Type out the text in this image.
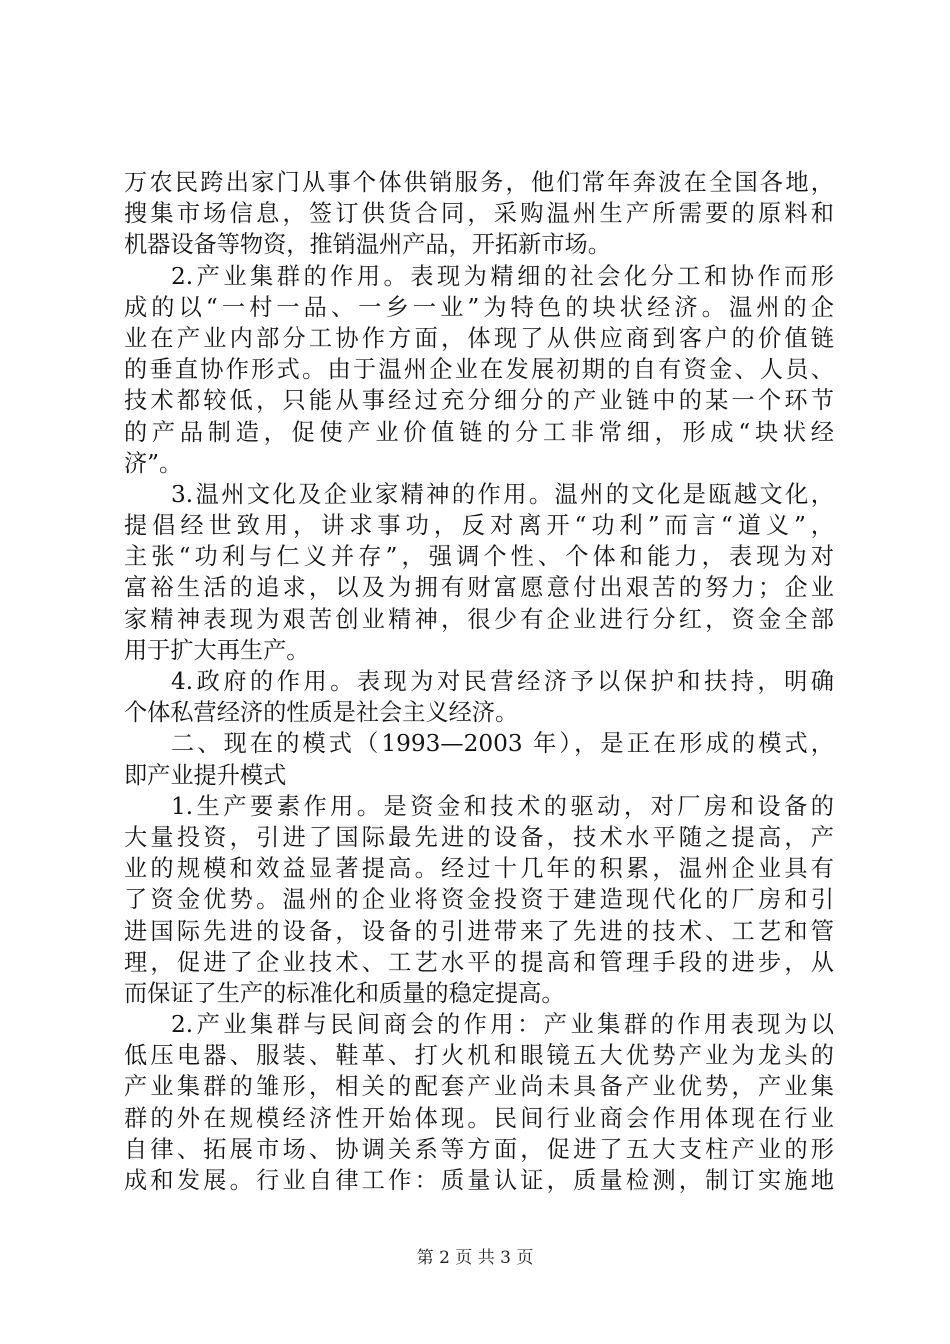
万农民跨出家门从事个体供销服务，他们常年奔波在全国各地，
搜集市场信息，签订供货合同，采购温州生产所需要的原料和
机器设备等物资，推销温州产品，开拓新市场。
2.产业集群的作用。表现为精细的社会化分工和协作而形
成的以“一村一品、一乡一业”为特色的块状经济。温州的企
业在产业内部分工协作方面，体现了从供应商到客户的价值链
的垂直协作形式。由于温州企业在发展初期的自有资金、人员、
技术都较低，只能从事经过充分细分的产业链中的某一个环节
的产品制造，促使产业价值链的分工非常细，形成“块状经
济”。
3.温州文化及企业家精神的作用。温州的文化是瓯越文化，
提倡经世致用，讲求事功，反对离开“功利”而言“道义”，
主张“功利与仁义并存”，强调个性、个体和能力，表现为对
富裕生活的追求，以及为拥有财富愿意付出艰苦的努力；企业
家精神表现为艰苦创业精神，很少有企业进行分红，资金全部
用于扩大再生产。
4.政府的作用。表现为对民营经济予以保护和扶持，明确
个体私营经济的性质是社会主义经济。
二、现在的模式（1993—2003 年），是正在形成的模式，
即产业提升模式
1.生产要素作用。是资金和技术的驱动，对厂房和设备的
大量投资，引进了国际最先进的设备，技术水平随之提高，产
业的规模和效益显著提高。经过十几年的积累，温州企业具有
了资金优势。温州的企业将资金投资于建造现代化的厂房和引
进国际先进的设备，设备的引进带来了先进的技术、工艺和管
理，促进了企业技术、工艺水平的提高和管理手段的进步，从
而保证了生产的标准化和质量的稳定提高。
2.产业集群与民间商会的作用：产业集群的作用表现为以
低压电器、服装、鞋革、打火机和眼镜五大优势产业为龙头的
产业集群的雏形，相关的配套产业尚未具备产业优势，产业集
群的外在规模经济性开始体现。民间行业商会作用体现在行业
自律、拓展市场、协调关系等方面，促进了五大支柱产业的形
成和发展。行业自律工作：质量认证，质量检测，制订实施地
第 2 页 共 3 页
